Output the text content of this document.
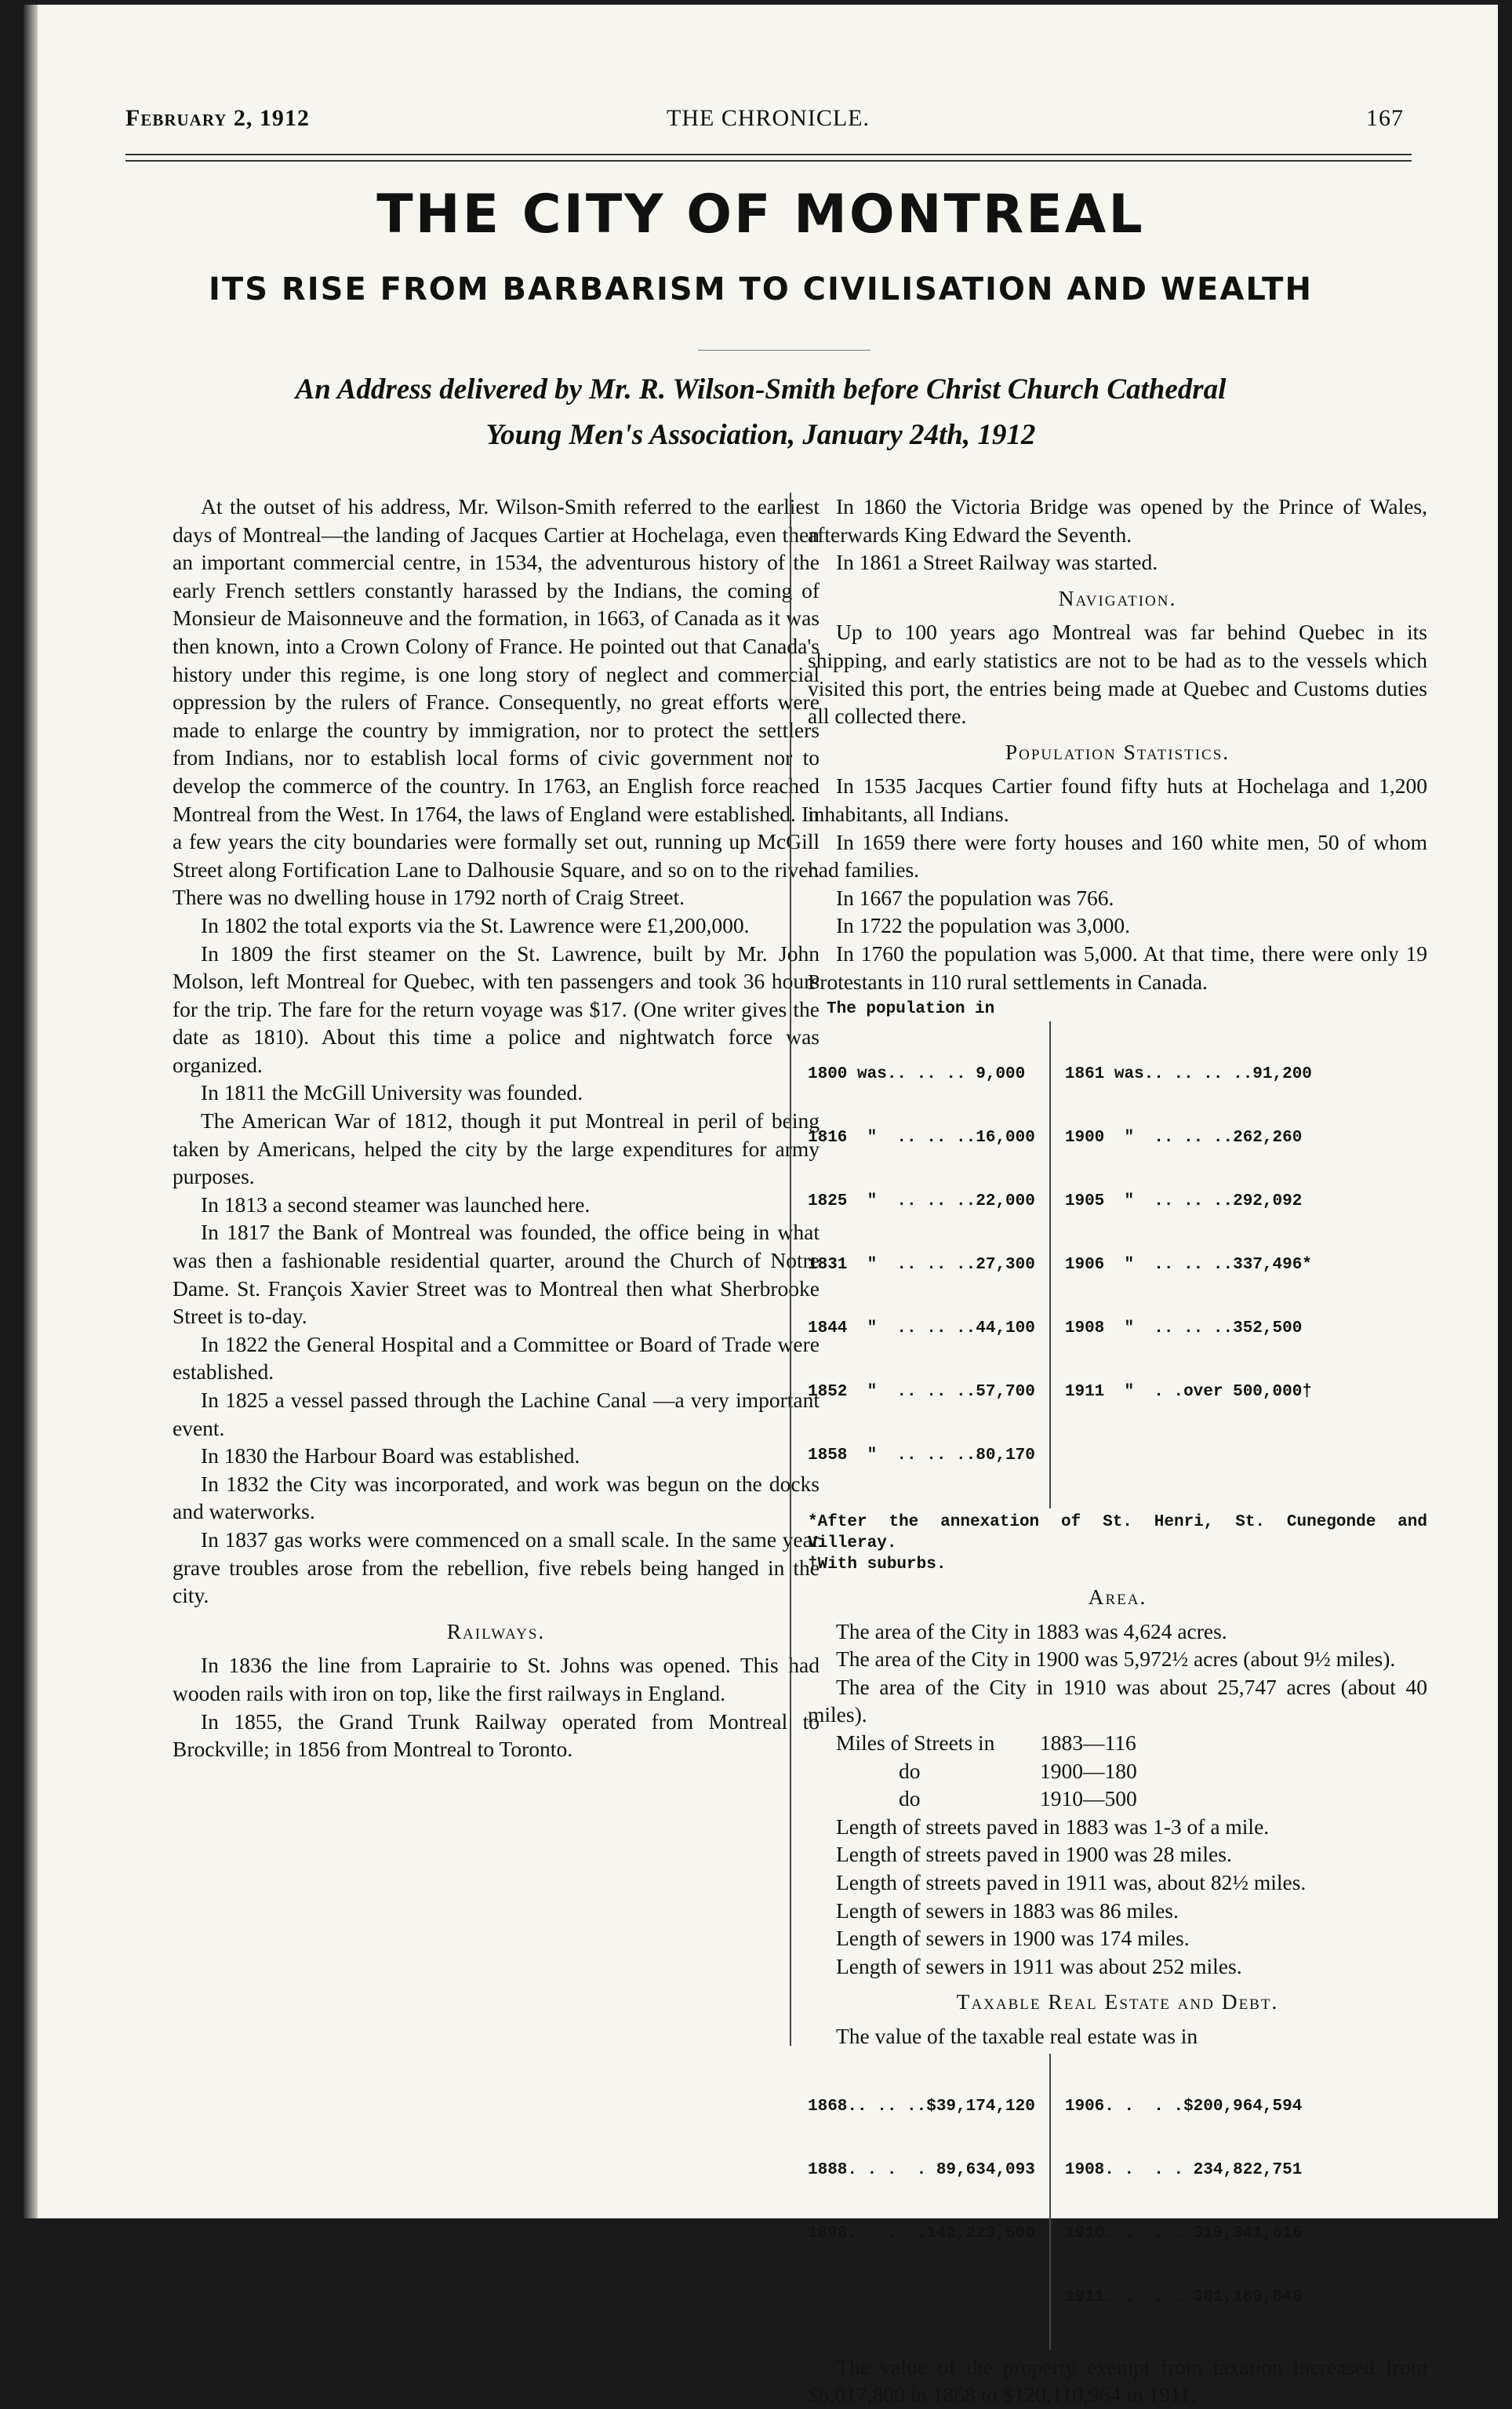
February 2, 1912	THE CHRONICLE.	167
THE CITY OF MONTREAL
ITS RISE FROM BARBARISM TO CIVILISATION AND WEALTH
An Address delivered by Mr. R. Wilson-Smith before Christ Church Cathedral
Young Men's Association, January 24th, 1912

At the outset of his address, Mr. Wilson-Smith referred to the earliest days of Montreal—the landing of Jacques Cartier at Hochelaga, even then an important commercial centre, in 1534, the adventurous history of the early French settlers constantly harassed by the Indians, the coming of Monsieur de Maisonneuve and the formation, in 1663, of Canada as it was then known, into a Crown Colony of France. He pointed out that Canada's history under this regime, is one long story of neglect and commercial oppression by the rulers of France. Consequently, no great efforts were made to enlarge the country by immigration, nor to protect the settlers from Indians, nor to establish local forms of civic government nor to develop the commerce of the country. In 1763, an English force reached Montreal from the West. In 1764, the laws of England were established. In a few years the city boundaries were formally set out, running up McGill Street along Fortification Lane to Dalhousie Square, and so on to the river. There was no dwelling house in 1792 north of Craig Street.

In 1802 the total exports via the St. Lawrence were £1,200,000.

In 1809 the first steamer on the St. Lawrence, built by Mr. John Molson, left Montreal for Quebec, with ten passengers and took 36 hours for the trip. The fare for the return voyage was $17. (One writer gives the date as 1810). About this time a police and nightwatch force was organized.

In 1811 the McGill University was founded.

The American War of 1812, though it put Montreal in peril of being taken by Americans, helped the city by the large expenditures for army purposes.

In 1813 a second steamer was launched here.

In 1817 the Bank of Montreal was founded, the office being in what was then a fashionable residential quarter, around the Church of Notre Dame. St. François Xavier Street was to Montreal then what Sherbrooke Street is to-day.

In 1822 the General Hospital and a Committee or Board of Trade were established.

In 1825 a vessel passed through the Lachine Canal —a very important event.

In 1830 the Harbour Board was established.

In 1832 the City was incorporated, and work was begun on the docks and waterworks.

In 1837 gas works were commenced on a small scale. In the same year grave troubles arose from the rebellion, five rebels being hanged in the city.

Railways.

In 1836 the line from Laprairie to St. Johns was opened. This had wooden rails with iron on top, like the first railways in England.

In 1855, the Grand Trunk Railway operated from Montreal to Brockville; in 1856 from Montreal to Toronto.

In 1860 the Victoria Bridge was opened by the Prince of Wales, afterwards King Edward the Seventh.

In 1861 a Street Railway was started.

Navigation.

Up to 100 years ago Montreal was far behind Quebec in its shipping, and early statistics are not to be had as to the vessels which visited this port, the entries being made at Quebec and Customs duties all collected there.

Population Statistics.

In 1535 Jacques Cartier found fifty huts at Hochelaga and 1,200 inhabitants, all Indians.

In 1659 there were forty houses and 160 white men, 50 of whom had families.

In 1667 the population was 766.

In 1722 the population was 3,000.

In 1760 the population was 5,000. At that time, there were only 19 Protestants in 110 rural settlements in Canada.

The population in

1800 was.. .. .. 9,000

1816  "  .. .. ..16,000

1825  "  .. .. ..22,000

1831  "  .. .. ..27,300

1844  "  .. .. ..44,100

1852  "  .. .. ..57,700

1858  "  .. .. ..80,170

1861 was.. .. .. ..91,200

1900  "  .. .. ..262,260

1905  "  .. .. ..292,092

1906  "  .. .. ..337,496*

1908  "  .. .. ..352,500

1911  "  . .over 500,000†

*After the annexation of St. Henri, St. Cunegonde and Villeray.
†With suburbs.
Area.

The area of the City in 1883 was 4,624 acres.

The area of the City in 1900 was 5,972½ acres (about 9½ miles).

The area of the City in 1910 was about 25,747 acres (about 40 miles).

Miles of Streets in	1883—116
do	1900—180
do	1910—500

Length of streets paved in 1883 was 1-3 of a mile.

Length of streets paved in 1900 was 28 miles.

Length of streets paved in 1911 was, about 82½ miles.

Length of sewers in 1883 was 86 miles.

Length of sewers in 1900 was 174 miles.

Length of sewers in 1911 was about 252 miles.

Taxable Real Estate and Debt.

The value of the taxable real estate was in

1868.. .. ..$39,174,120

1888. . .  . 89,634,093

1898. . .  .142,223,500

1906. .  . .$200,964,594

1908. .  . . 234,822,751

1910. .  . . 319,341,616

1911. .  . . 381,180,848

The value of the property exempt from taxation increased from $6,017,800 in 1868 to $120,110,964 in 1911.
